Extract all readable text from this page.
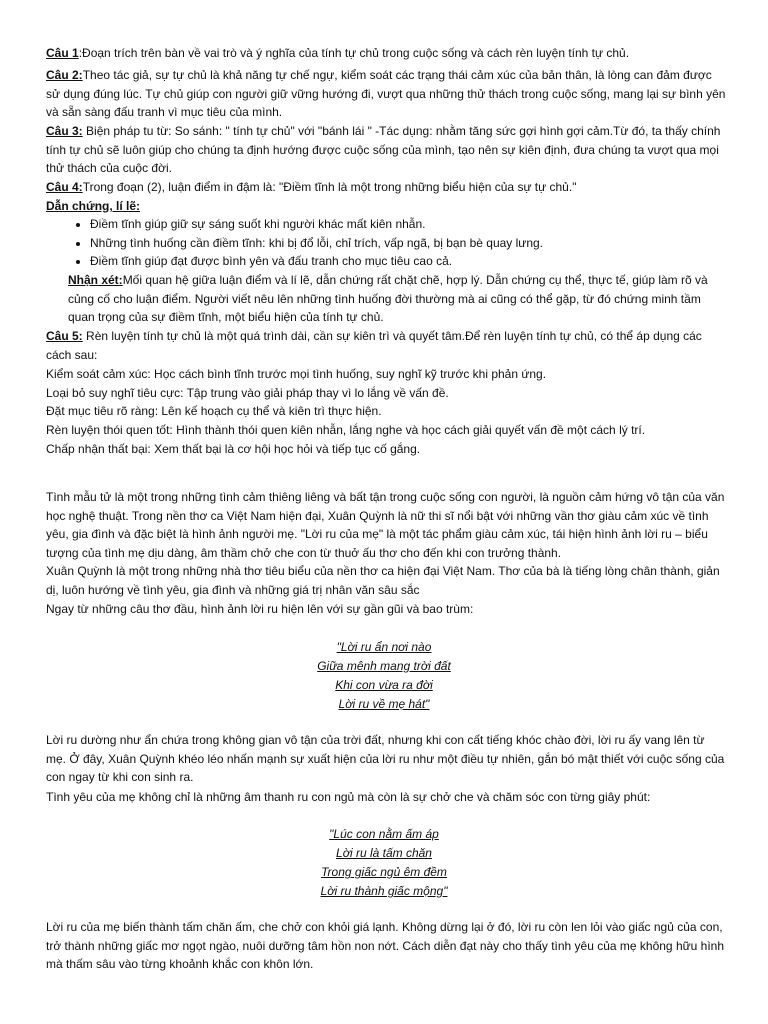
Câu 1:Đoạn trích trên bàn về vai trò và ý nghĩa của tính tự chủ trong cuộc sống và cách rèn luyện tính tự chủ.

Câu 2:Theo tác giả, sự tự chủ là khả năng tự chế ngự, kiểm soát các trạng thái cảm xúc của bản thân, là lòng can đảm được sử dụng đúng lúc. Tự chủ giúp con người giữ vững hướng đi, vượt qua những thử thách trong cuộc sống, mang lại sự bình yên và sẵn sàng đấu tranh vì mục tiêu của mình.

Câu 3: Biện pháp tu từ: So sánh: " tính tự chủ" với "bánh lái " -Tác dụng: nhằm tăng sức gợi hình gợi cảm.Từ đó, ta thấy chính tính tự chủ sẽ luôn giúp cho chúng ta định hướng được cuộc sống của mình, tạo nên sự kiên định, đưa chúng ta vượt qua mọi thử thách của cuộc đời.

Câu 4:Trong đoạn (2), luận điểm in đậm là: "Điềm tĩnh là một trong những biểu hiện của sự tự chủ."

Dẫn chứng, lí lẽ:

• Điềm tĩnh giúp giữ sự sáng suốt khi người khác mất kiên nhẫn.
• Những tình huống cần điềm tĩnh: khi bị đổ lỗi, chỉ trích, vấp ngã, bị bạn bè quay lưng.
• Điềm tĩnh giúp đạt được bình yên và đấu tranh cho mục tiêu cao cả.

Nhận xét:Mối quan hệ giữa luận điểm và lí lẽ, dẫn chứng rất chặt chẽ, hợp lý. Dẫn chứng cụ thể, thực tế, giúp làm rõ và củng cố cho luận điểm. Người viết nêu lên những tình huống đời thường mà ai cũng có thể gặp, từ đó chứng minh tầm quan trọng của sự điềm tĩnh, một biểu hiện của tính tự chủ.

Câu 5: Rèn luyện tính tự chủ là một quá trình dài, cần sự kiên trì và quyết tâm.Để rèn luyện tính tự chủ, có thể áp dụng các cách sau:

Kiểm soát cảm xúc: Học cách bình tĩnh trước mọi tình huống, suy nghĩ kỹ trước khi phản ứng.

Loại bỏ suy nghĩ tiêu cực: Tập trung vào giải pháp thay vì lo lắng về vấn đề.

Đặt mục tiêu rõ ràng: Lên kế hoạch cụ thể và kiên trì thực hiện.

Rèn luyện thói quen tốt: Hình thành thói quen kiên nhẫn, lắng nghe và học cách giải quyết vấn đề một cách lý trí.

Chấp nhận thất bại: Xem thất bại là cơ hội học hỏi và tiếp tục cố gắng.

Tình mẫu tử là một trong những tình cảm thiêng liêng và bất tận trong cuộc sống con người, là nguồn cảm hứng vô tận của văn học nghệ thuật. Trong nền thơ ca Việt Nam hiện đại, Xuân Quỳnh là nữ thi sĩ nổi bật với những vần thơ giàu cảm xúc về tình yêu, gia đình và đặc biệt là hình ảnh người mẹ. "Lời ru của mẹ" là một tác phẩm giàu cảm xúc, tái hiện hình ảnh lời ru – biểu tượng của tình mẹ dịu dàng, âm thầm chở che con từ thuở ấu thơ cho đến khi con trưởng thành.

Xuân Quỳnh là một trong những nhà thơ tiêu biểu của nền thơ ca hiện đại Việt Nam. Thơ của bà là tiếng lòng chân thành, giản dị, luôn hướng về tình yêu, gia đình và những giá trị nhân văn sâu sắc

Ngay từ những câu thơ đầu, hình ảnh lời ru hiện lên với sự gần gũi và bao trùm:

"Lời ru ẩn nơi nào
Giữa mênh mang trời đất
Khi con vừa ra đời
Lời ru về mẹ hát"

Lời ru dường như ẩn chứa trong không gian vô tận của trời đất, nhưng khi con cất tiếng khóc chào đời, lời ru ấy vang lên từ mẹ. Ở đây, Xuân Quỳnh khéo léo nhấn mạnh sự xuất hiện của lời ru như một điều tự nhiên, gắn bó mật thiết với cuộc sống của con ngay từ khi con sinh ra.

Tình yêu của mẹ không chỉ là những âm thanh ru con ngủ mà còn là sự chở che và chăm sóc con từng giây phút:

"Lúc con nằm ấm áp
Lời ru là tấm chăn
Trong giấc ngủ êm đềm
Lời ru thành giấc mộng"

Lời ru của mẹ biến thành tấm chăn ấm, che chở con khỏi giá lạnh. Không dừng lại ở đó, lời ru còn len lỏi vào giấc ngủ của con, trở thành những giấc mơ ngọt ngào, nuôi dưỡng tâm hồn non nớt. Cách diễn đạt này cho thấy tình yêu của mẹ không hữu hình mà thấm sâu vào từng khoảnh khắc con khôn lớn.
